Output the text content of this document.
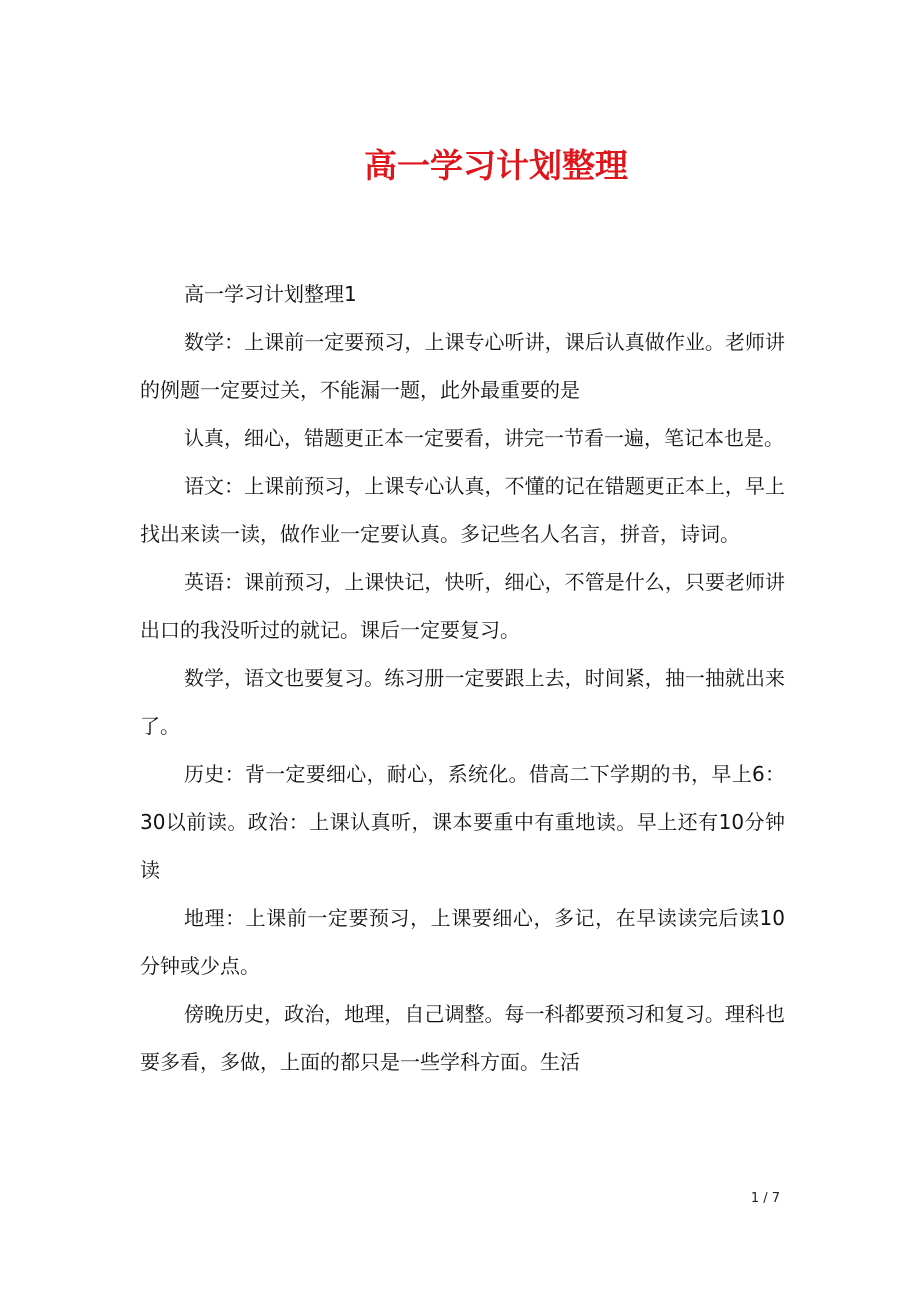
高一学习计划整理

高一学习计划整理1

数学：上课前一定要预习，上课专心听讲，课后认真做作业。老师讲的例题一定要过关，不能漏一题，此外最重要的是

认真，细心，错题更正本一定要看，讲完一节看一遍，笔记本也是。

语文：上课前预习，上课专心认真，不懂的记在错题更正本上，早上找出来读一读，做作业一定要认真。多记些名人名言，拼音，诗词。

英语：课前预习，上课快记，快听，细心，不管是什么，只要老师讲出口的我没听过的就记。课后一定要复习。

数学，语文也要复习。练习册一定要跟上去，时间紧，抽一抽就出来了。

历史：背一定要细心，耐心，系统化。借高二下学期的书，早上6：30以前读。政治：上课认真听，课本要重中有重地读。早上还有10分钟读

地理：上课前一定要预习，上课要细心，多记，在早读读完后读10分钟或少点。

傍晚历史，政治，地理，自己调整。每一科都要预习和复习。理科也要多看，多做，上面的都只是一些学科方面。生活

1 / 7
